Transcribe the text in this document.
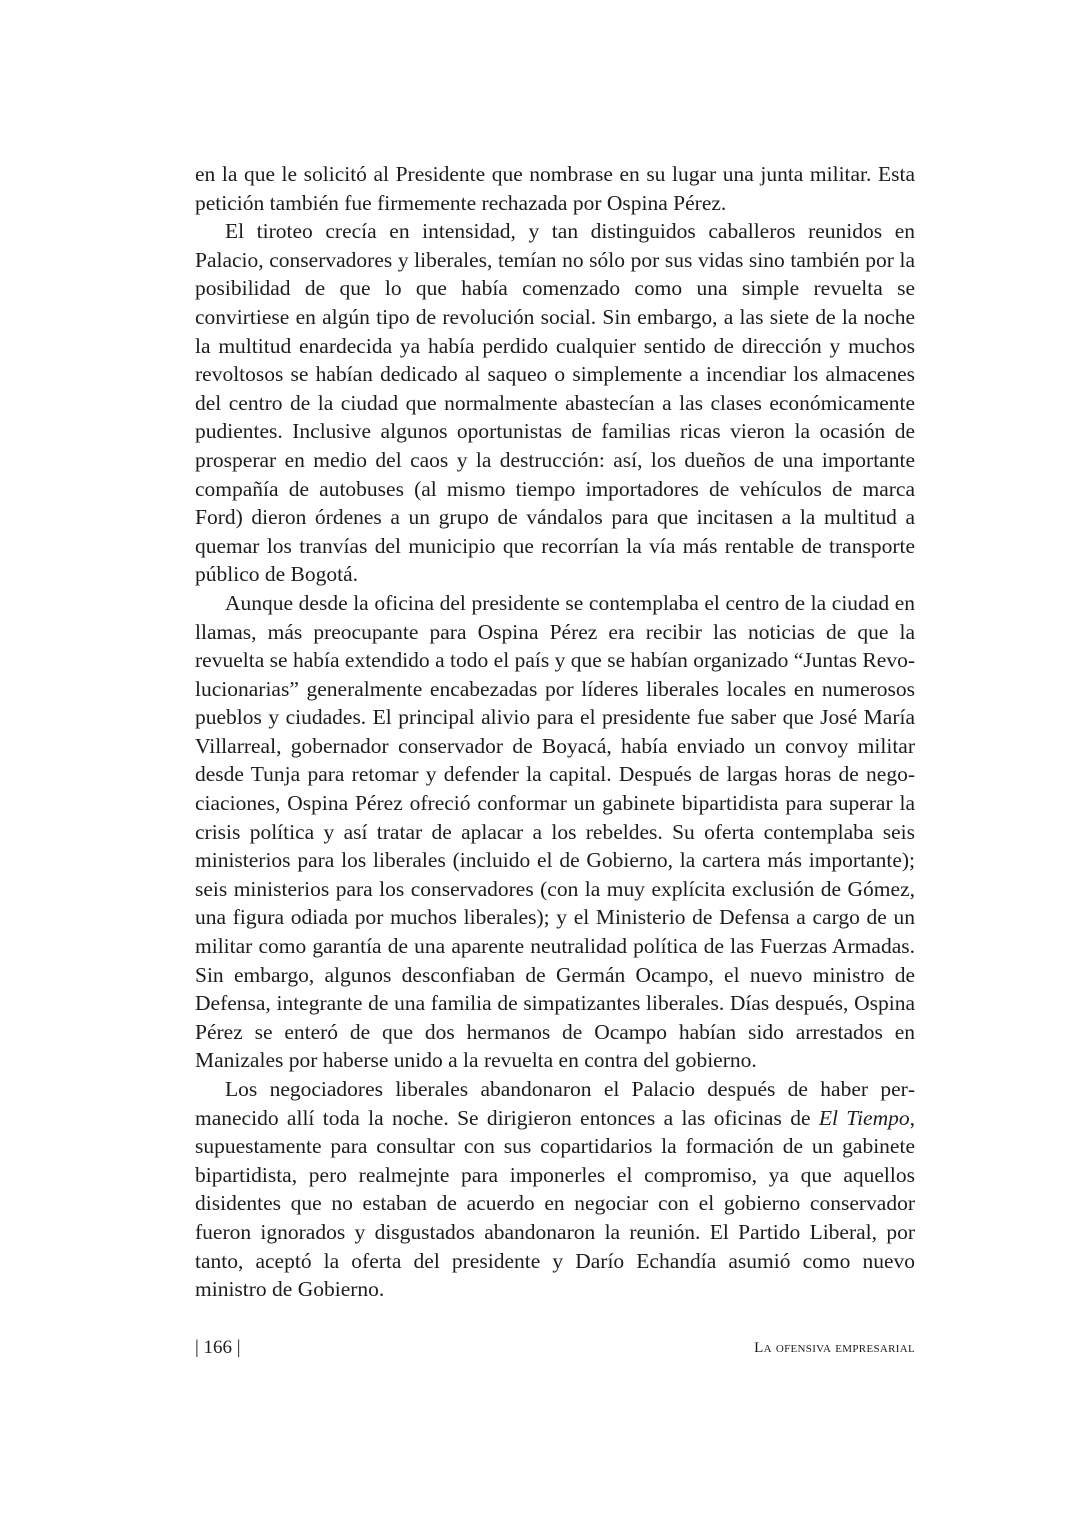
en la que le solicitó al Presidente que nombrase en su lugar una junta militar. Esta petición también fue firmemente rechazada por Ospina Pérez.

El tiroteo crecía en intensidad, y tan distinguidos caballeros reunidos en Palacio, conservadores y liberales, temían no sólo por sus vidas sino también por la posibilidad de que lo que había comenzado como una simple revuelta se convirtiese en algún tipo de revolución social. Sin embargo, a las siete de la noche la multitud enardecida ya había perdido cualquier sentido de dirección y muchos revoltosos se habían dedicado al saqueo o simplemente a incendiar los almacenes del centro de la ciudad que normalmente abastecían a las clases económicamente pudientes. Inclusive algunos oportunistas de familias ricas vieron la ocasión de prosperar en medio del caos y la destrucción: así, los dueños de una importante compañía de autobuses (al mismo tiempo importadores de vehículos de marca Ford) dieron órdenes a un grupo de vándalos para que incitasen a la multitud a quemar los tranvías del municipio que recorrían la vía más rentable de transporte público de Bogotá.

Aunque desde la oficina del presidente se contemplaba el centro de la ciudad en llamas, más preocupante para Ospina Pérez era recibir las noticias de que la revuelta se había extendido a todo el país y que se habían organizado “Juntas Revolucionarias” generalmente encabezadas por líderes liberales locales en numerosos pueblos y ciudades. El principal alivio para el presidente fue saber que José María Villarreal, gobernador conservador de Boyacá, había enviado un convoy militar desde Tunja para retomar y defender la capital. Después de largas horas de negociaciones, Ospina Pérez ofreció conformar un gabinete bipartidista para superar la crisis política y así tratar de aplacar a los rebeldes. Su oferta contemplaba seis ministerios para los liberales (incluido el de Gobierno, la cartera más importante); seis ministerios para los conservadores (con la muy explícita exclusión de Gómez, una figura odiada por muchos liberales); y el Ministerio de Defensa a cargo de un militar como garantía de una aparente neutralidad política de las Fuerzas Armadas. Sin embargo, algunos desconfiaban de Germán Ocampo, el nuevo ministro de Defensa, integrante de una familia de simpatizantes liberales. Días después, Ospina Pérez se enteró de que dos hermanos de Ocampo habían sido arrestados en Manizales por haberse unido a la revuelta en contra del gobierno.

Los negociadores liberales abandonaron el Palacio después de haber permanecido allí toda la noche. Se dirigieron entonces a las oficinas de El Tiempo, supuestamente para consultar con sus copartidarios la formación de un gabinete bipartidista, pero realmejnte para imponerles el compromiso, ya que aquellos disidentes que no estaban de acuerdo en negociar con el gobierno conservador fueron ignorados y disgustados abandonaron la reunión. El Partido Liberal, por tanto, aceptó la oferta del presidente y Darío Echandía asumió como nuevo ministro de Gobierno.

| 166 |	La ofensiva empresarial
